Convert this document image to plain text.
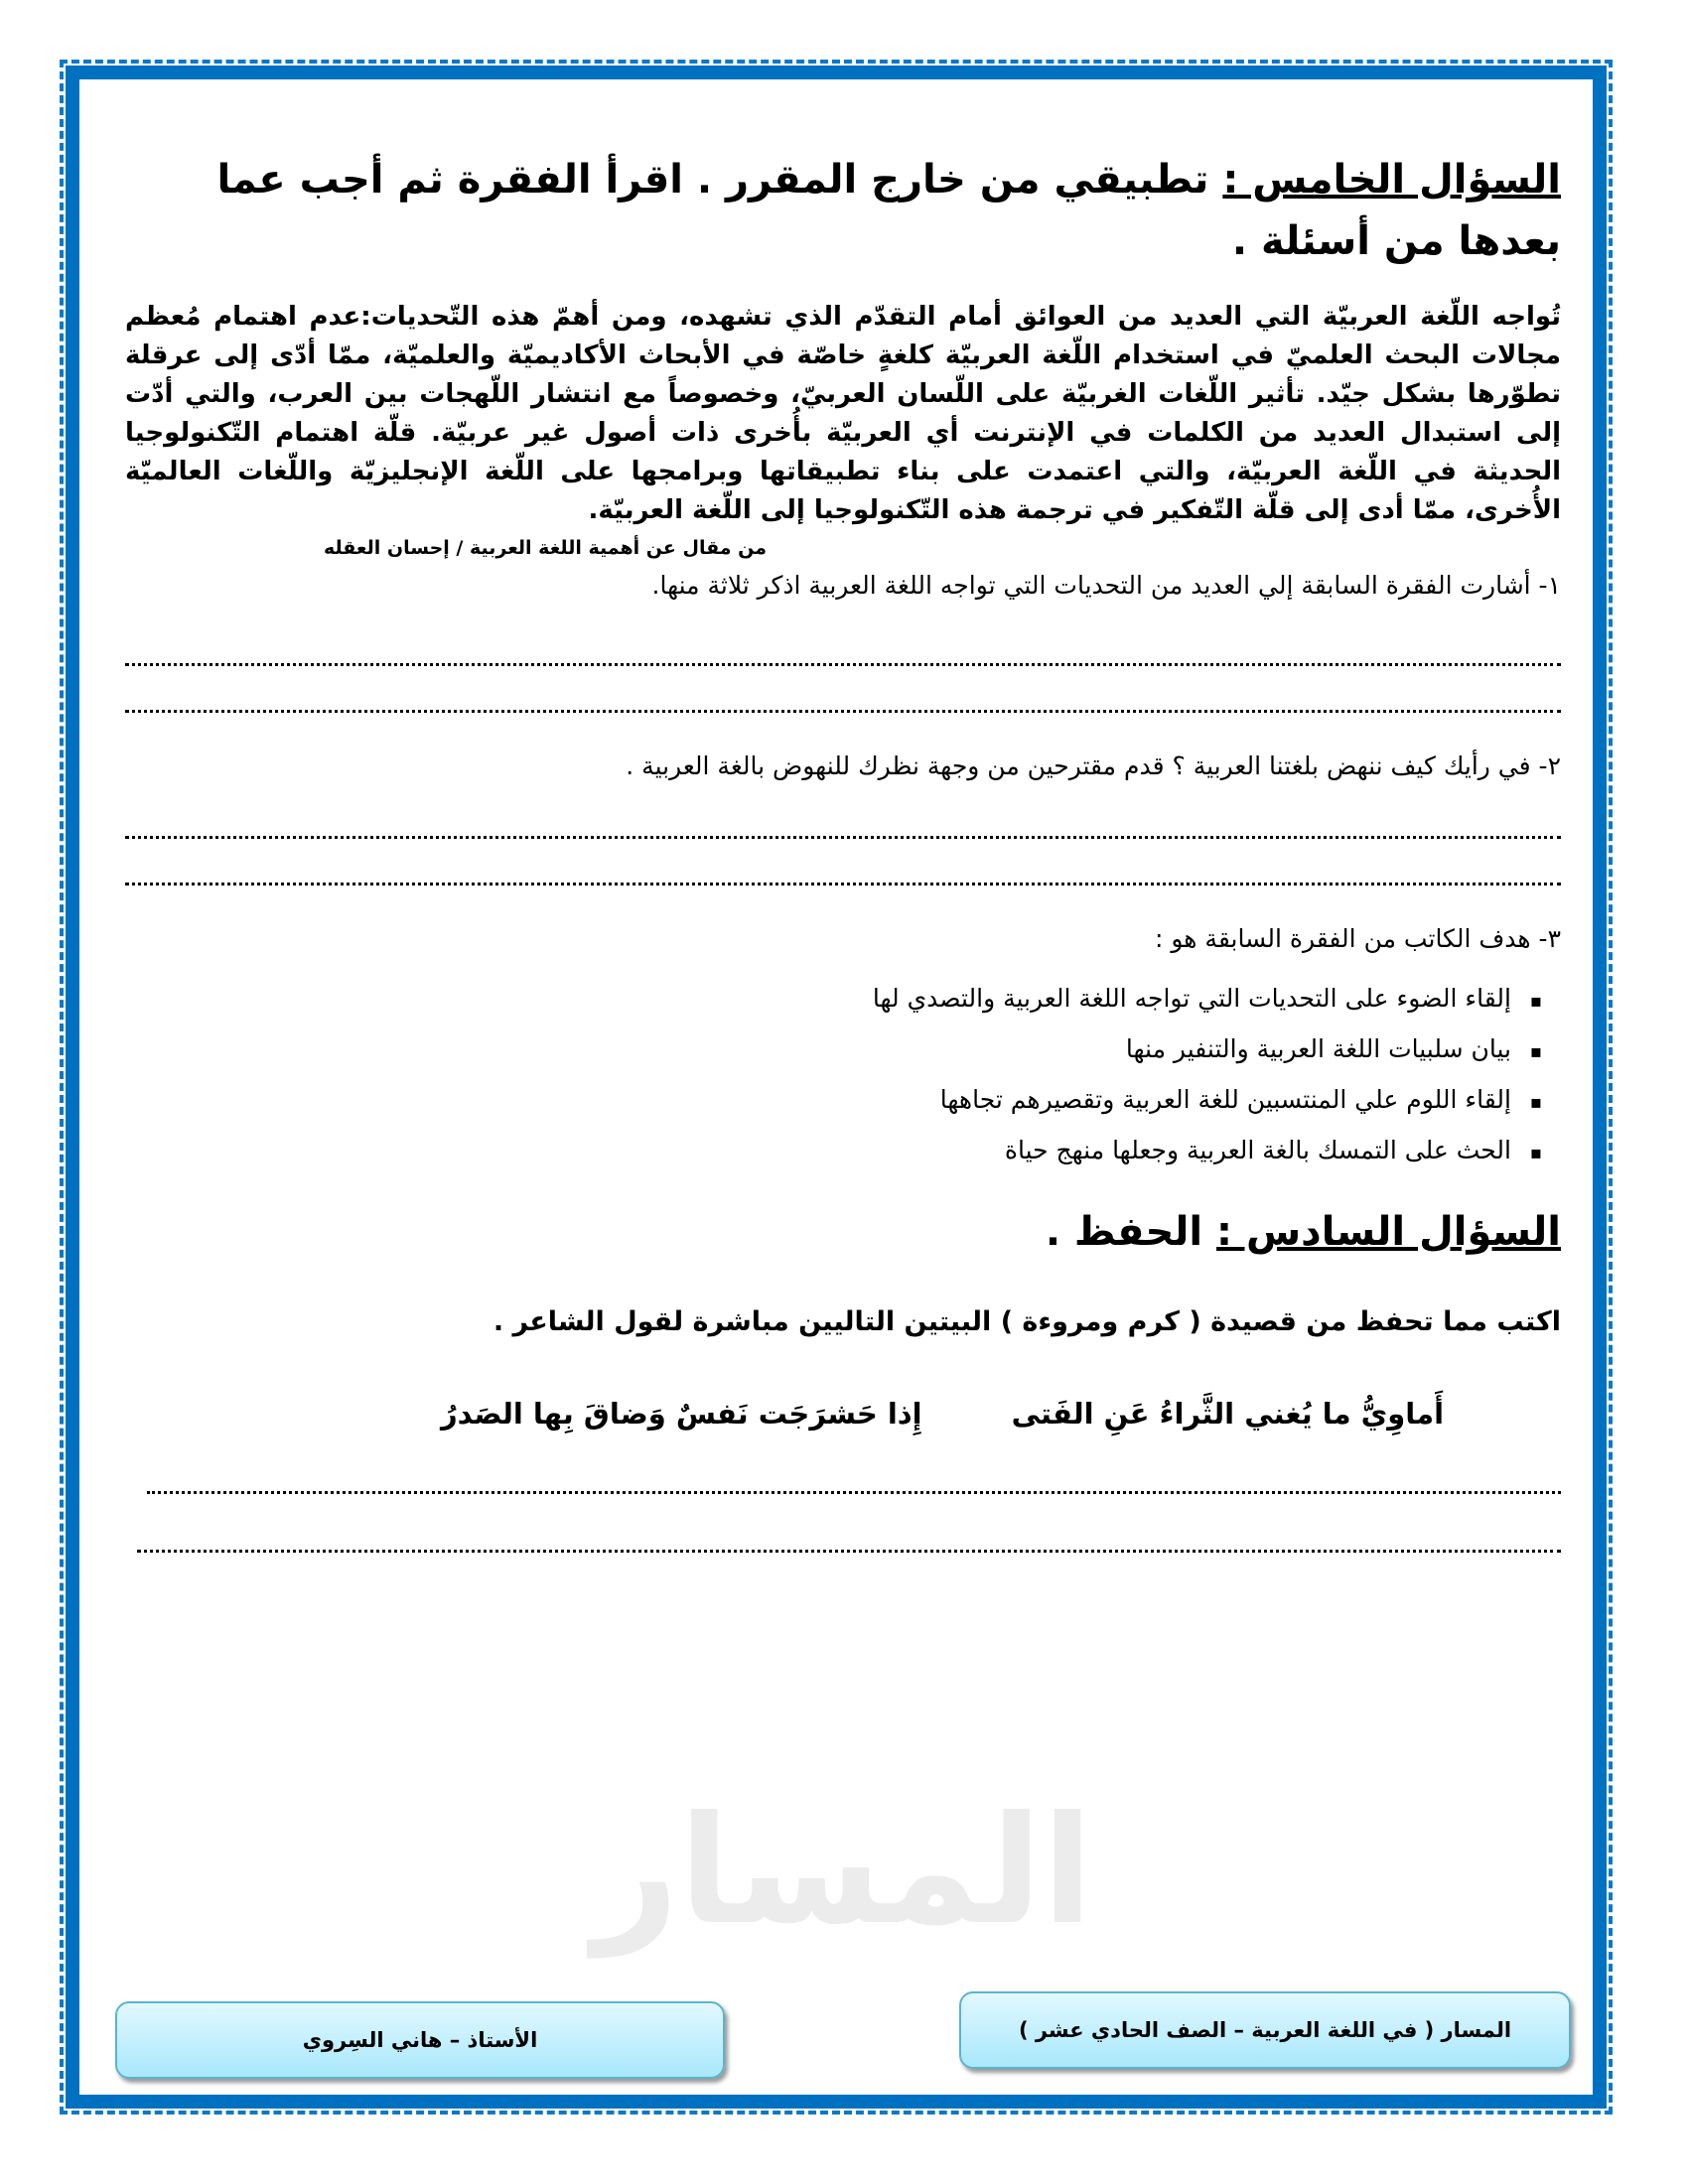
السؤال الخامس : تطبيقي من خارج المقرر . اقرأ الفقرة ثم أجب عما بعدها من أسئلة .
تُواجه اللّغة العربيّة التي العديد من العوائق أمام التقدّم الذي تشهده، ومن أهمّ هذه التّحديات:عدم اهتمام مُعظم مجالات البحث العلميّ في استخدام اللّغة العربيّة كلغةٍ خاصّة في الأبحاث الأكاديميّة والعلميّة، ممّا أدّى إلى عرقلة تطوّرها بشكل جيّد. تأثير اللّغات الغربيّة على اللّسان العربيّ، وخصوصاً مع انتشار اللّهجات بين العرب، والتي أدّت إلى استبدال العديد من الكلمات في الإنترنت أي العربيّة بأُخرى ذات أصول غير عربيّة. قلّة اهتمام التّكنولوجيا الحديثة في اللّغة العربيّة، والتي اعتمدت على بناء تطبيقاتها وبرامجها على اللّغة الإنجليزيّة واللّغات العالميّة الأُخرى، ممّا أدى إلى قلّة التّفكير في ترجمة هذه التّكنولوجيا إلى اللّغة العربيّة.
من مقال عن أهمية اللغة العربية / إحسان العقله
١- أشارت الفقرة السابقة إلي العديد من التحديات التي تواجه اللغة العربية اذكر ثلاثة منها.
٢- في رأيك كيف ننهض بلغتنا العربية ؟ قدم مقترحين من وجهة نظرك للنهوض بالغة العربية .
٣- هدف الكاتب من الفقرة السابقة هو :
▪ إلقاء الضوء على التحديات التي تواجه اللغة العربية والتصدي لها
▪ بيان سلبيات اللغة العربية والتنفير منها
▪ إلقاء اللوم علي المنتسبين للغة العربية وتقصيرهم تجاهها
▪ الحث على التمسك بالغة العربية وجعلها منهج حياة
السؤال السادس : الحفظ .
اكتب مما تحفظ من قصيدة ( كرم ومروءة ) البيتين التاليين مباشرة لقول الشاعر .
أَماوِيُّ ما يُغني الثَّراءُ عَنِ الفَتى
إِذا حَشرَجَت نَفسٌ وَضاقَ بِها الصَدرُ
المسار
المسار ( في اللغة العربية – الصف الحادي عشر )
الأستاذ – هاني السِروي
